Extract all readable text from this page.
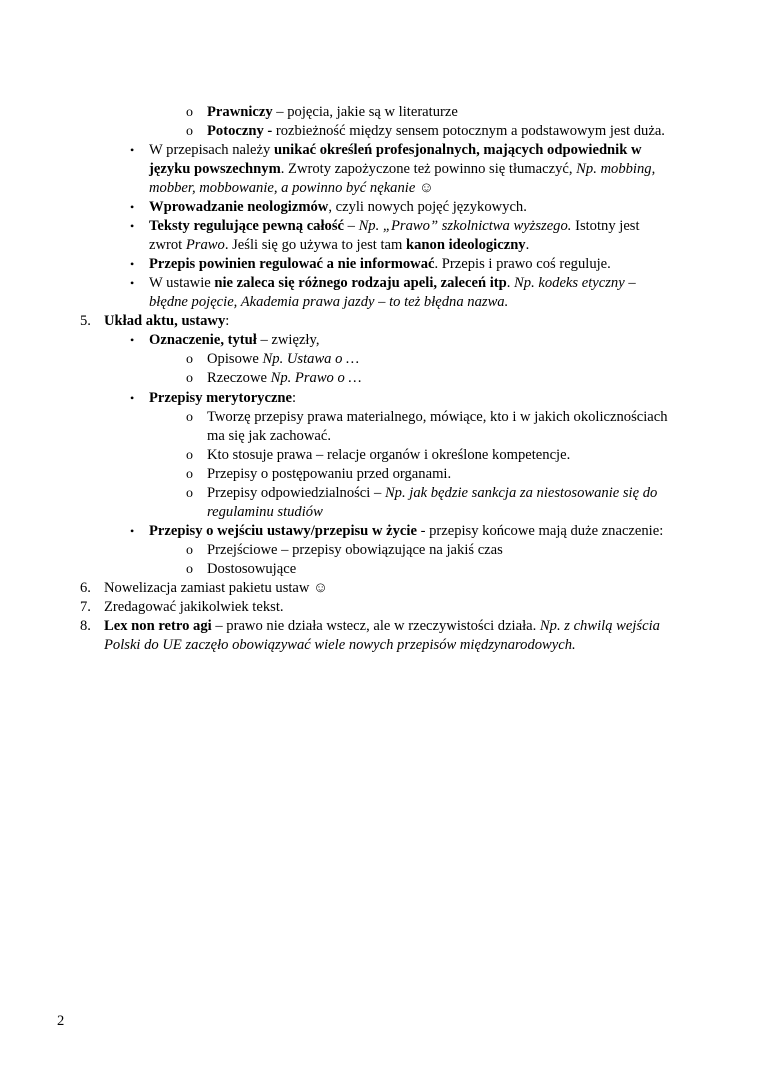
o Prawniczy – pojęcia, jakie są w literaturze
o Potoczny - rozbieżność między sensem potocznym a podstawowym jest duża.
• W przepisach należy unikać określeń profesjonalnych, mających odpowiednik w
języku powszechnym. Zwroty zapożyczone też powinno się tłumaczyć, Np. mobbing,
mobber, mobbowanie, a powinno być nękanie ☺
• Wprowadzanie neologizmów, czyli nowych pojęć językowych.
• Teksty regulujące pewną całość – Np. „Prawo” szkolnictwa wyższego. Istotny jest
zwrot Prawo. Jeśli się go używa to jest tam kanon ideologiczny.
• Przepis powinien regulować a nie informować. Przepis i prawo coś reguluje.
• W ustawie nie zaleca się różnego rodzaju apeli, zaleceń itp. Np. kodeks etyczny –
błędne pojęcie, Akademia prawa jazdy – to też błędna nazwa.
5. Układ aktu, ustawy:
• Oznaczenie, tytuł – zwięzły,
o Opisowe Np. Ustawa o …
o Rzeczowe Np. Prawo o …
• Przepisy merytoryczne:
o Tworzę przepisy prawa materialnego, mówiące, kto i w jakich okolicznościach
ma się jak zachować.
o Kto stosuje prawa – relacje organów i określone kompetencje.
o Przepisy o postępowaniu przed organami.
o Przepisy odpowiedzialności – Np. jak będzie sankcja za niestosowanie się do
regulaminu studiów
• Przepisy o wejściu ustawy/przepisu w życie - przepisy końcowe mają duże znaczenie:
o Przejściowe – przepisy obowiązujące na jakiś czas
o Dostosowujące
6. Nowelizacja zamiast pakietu ustaw ☺
7. Zredagować jakikolwiek tekst.
8. Lex non retro agi – prawo nie działa wstecz, ale w rzeczywistości działa. Np. z chwilą wejścia
Polski do UE zaczęło obowiązywać wiele nowych przepisów międzynarodowych.
2
